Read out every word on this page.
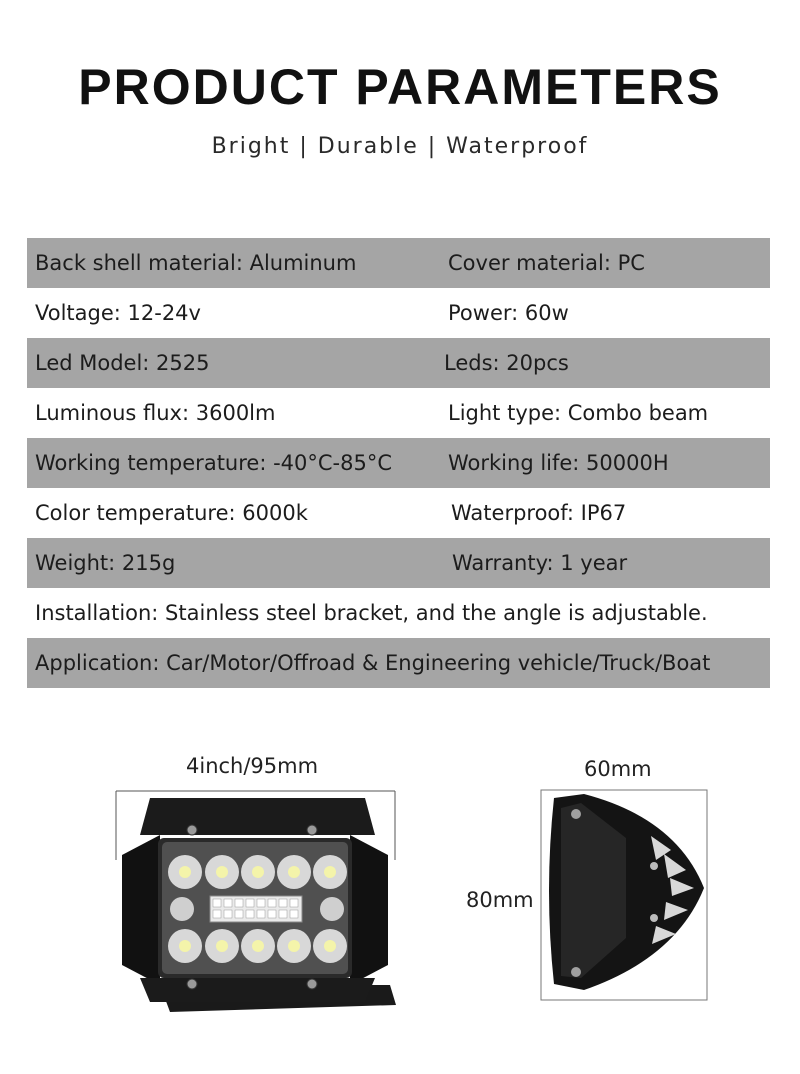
PRODUCT PARAMETERS
Bright | Durable | Waterproof
Back shell material: Aluminum	Cover material: PC
Voltage: 12-24v	Power: 60w
Led Model: 2525	Leds: 20pcs
Luminous flux: 3600lm	Light type: Combo beam
Working temperature: -40°C-85°C	Working life: 50000H
Color temperature: 6000k	Waterproof: IP67
Weight: 215g	Warranty: 1 year
Installation: Stainless steel bracket, and the angle is adjustable.
Application: Car/Motor/Offroad & Engineering vehicle/Truck/Boat
4inch/95mm	60mm
80mm
